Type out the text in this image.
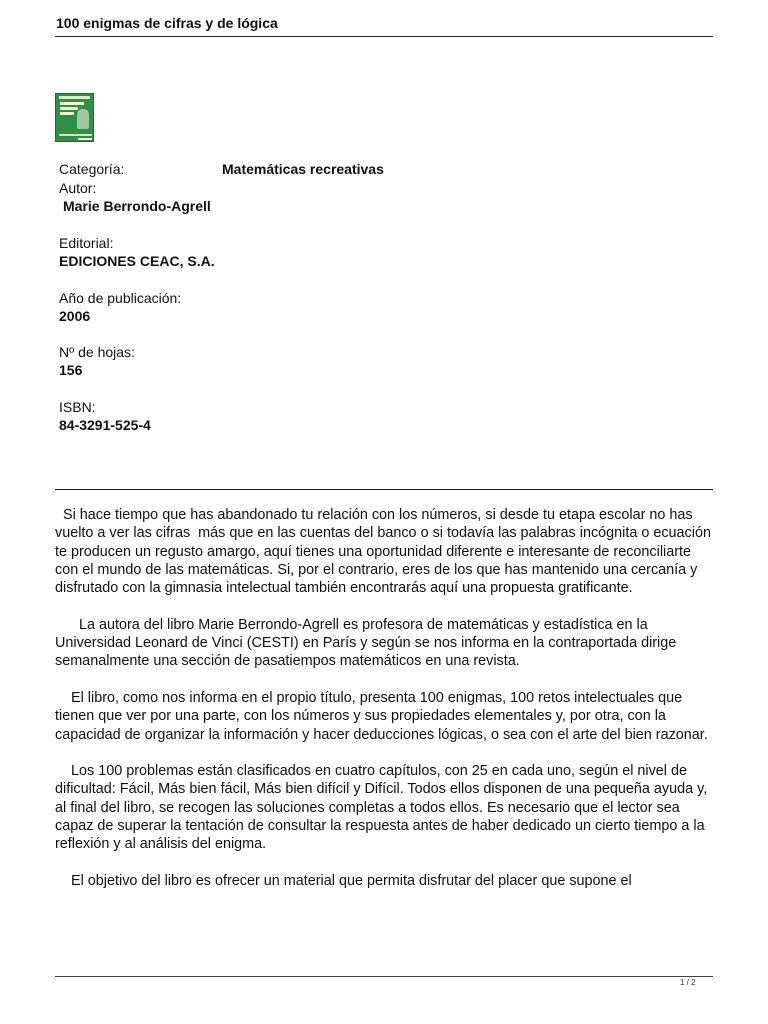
100 enigmas de cifras y de lógica
Categoría:	Matemáticas recreativas
Autor:
Marie Berrondo-Agrell
Editorial:
EDICIONES CEAC, S.A.
Año de publicación:
2006
Nº de hojas:
156
ISBN:
84-3291-525-4

Si hace tiempo que has abandonado tu relación con los números, si desde tu etapa escolar no has vuelto a ver las cifras  más que en las cuentas del banco o si todavía las palabras incógnita o ecuación te producen un regusto amargo, aquí tienes una oportunidad diferente e interesante de reconciliarte con el mundo de las matemáticas. Si, por el contrario, eres de los que has mantenido una cercanía y disfrutado con la gimnasia intelectual también encontrarás aquí una propuesta gratificante.

La autora del libro Marie Berrondo-Agrell es profesora de matemáticas y estadística en la Universidad Leonard de Vinci (CESTI) en París y según se nos informa en la contraportada dirige semanalmente una sección de pasatiempos matemáticos en una revista.

El libro, como nos informa en el propio título, presenta 100 enigmas, 100 retos intelectuales que tienen que ver por una parte, con los números y sus propiedades elementales y, por otra, con la capacidad de organizar la información y hacer deducciones lógicas, o sea con el arte del bien razonar.

Los 100 problemas están clasificados en cuatro capítulos, con 25 en cada uno, según el nivel de dificultad: Fácil, Más bien fácil, Más bien difícil y Difícil. Todos ellos disponen de una pequeña ayuda y, al final del libro, se recogen las soluciones completas a todos ellos. Es necesario que el lector sea capaz de superar la tentación de consultar la respuesta antes de haber dedicado un cierto tiempo a la reflexión y al análisis del enigma.

El objetivo del libro es ofrecer un material que permita disfrutar del placer que supone el

1 / 2
